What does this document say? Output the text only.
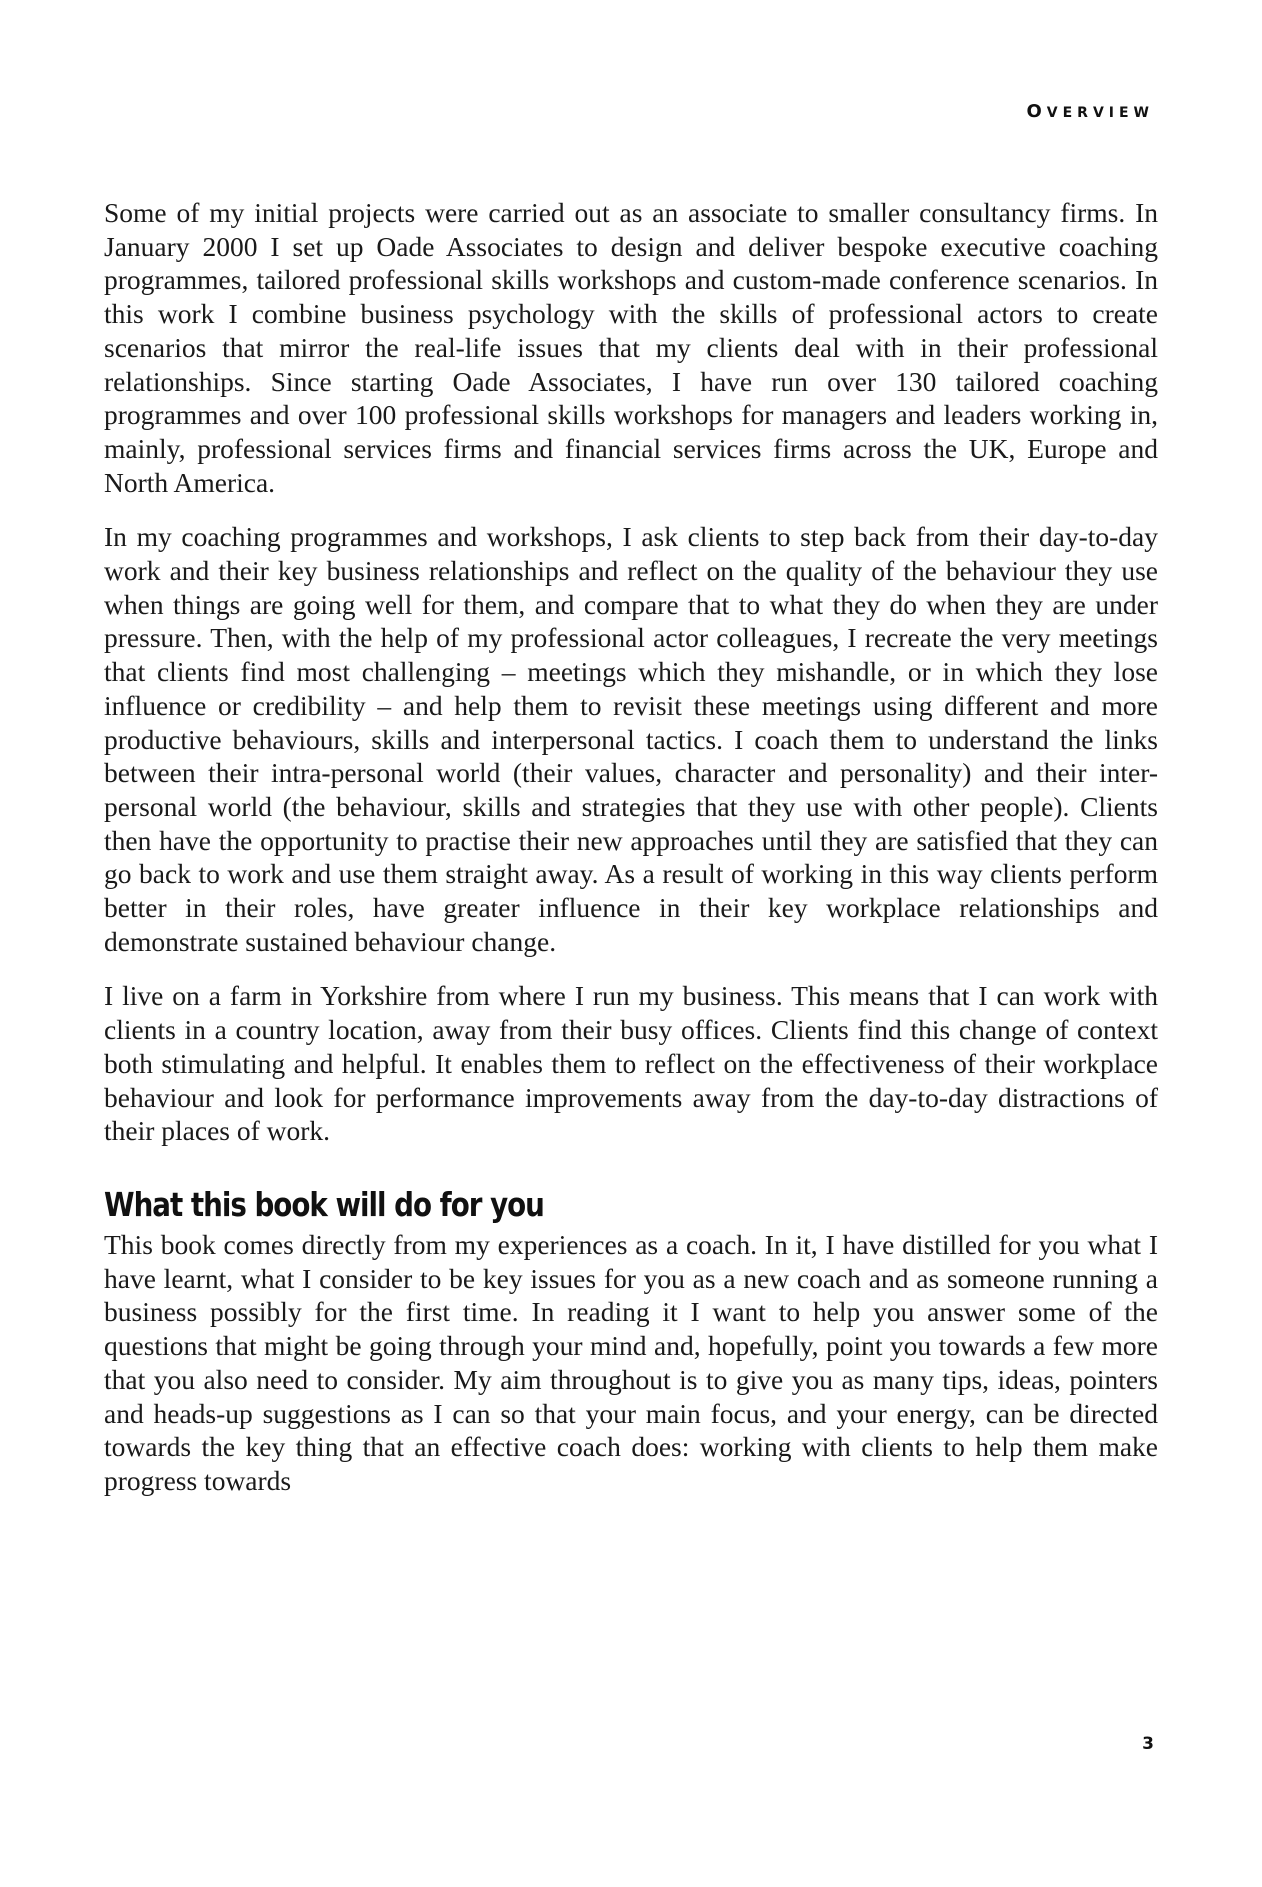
OVERVIEW

Some of my initial projects were carried out as an associate to smaller consultancy firms. In January 2000 I set up Oade Associates to design and deliver bespoke executive coaching programmes, tailored professional skills workshops and custom-made conference scenarios. In this work I combine business psychology with the skills of professional actors to create scenarios that mirror the real-life issues that my clients deal with in their professional relationships. Since starting Oade Associates, I have run over 130 tailored coaching programmes and over 100 professional skills workshops for managers and leaders working in, mainly, professional services firms and financial services firms across the UK, Europe and North America.

In my coaching programmes and workshops, I ask clients to step back from their day-to-day work and their key business relationships and reflect on the quality of the behaviour they use when things are going well for them, and compare that to what they do when they are under pressure. Then, with the help of my professional actor colleagues, I recreate the very meetings that clients find most challenging – meetings which they mishandle, or in which they lose influence or credibility – and help them to revisit these meetings using different and more productive behaviours, skills and interpersonal tactics. I coach them to understand the links between their intra-personal world (their values, character and personality) and their inter-personal world (the behaviour, skills and strategies that they use with other people). Clients then have the opportunity to practise their new approaches until they are satisfied that they can go back to work and use them straight away. As a result of working in this way clients perform better in their roles, have greater influence in their key workplace relationships and demonstrate sustained behaviour change.

I live on a farm in Yorkshire from where I run my business. This means that I can work with clients in a country location, away from their busy offices. Clients find this change of context both stimulating and helpful. It enables them to reflect on the effectiveness of their workplace behaviour and look for performance improvements away from the day-to-day distractions of their places of work.

What this book will do for you

This book comes directly from my experiences as a coach. In it, I have distilled for you what I have learnt, what I consider to be key issues for you as a new coach and as someone running a business possibly for the first time. In reading it I want to help you answer some of the questions that might be going through your mind and, hopefully, point you towards a few more that you also need to consider. My aim throughout is to give you as many tips, ideas, pointers and heads-up suggestions as I can so that your main focus, and your energy, can be directed towards the key thing that an effective coach does: working with clients to help them make progress towards

3
